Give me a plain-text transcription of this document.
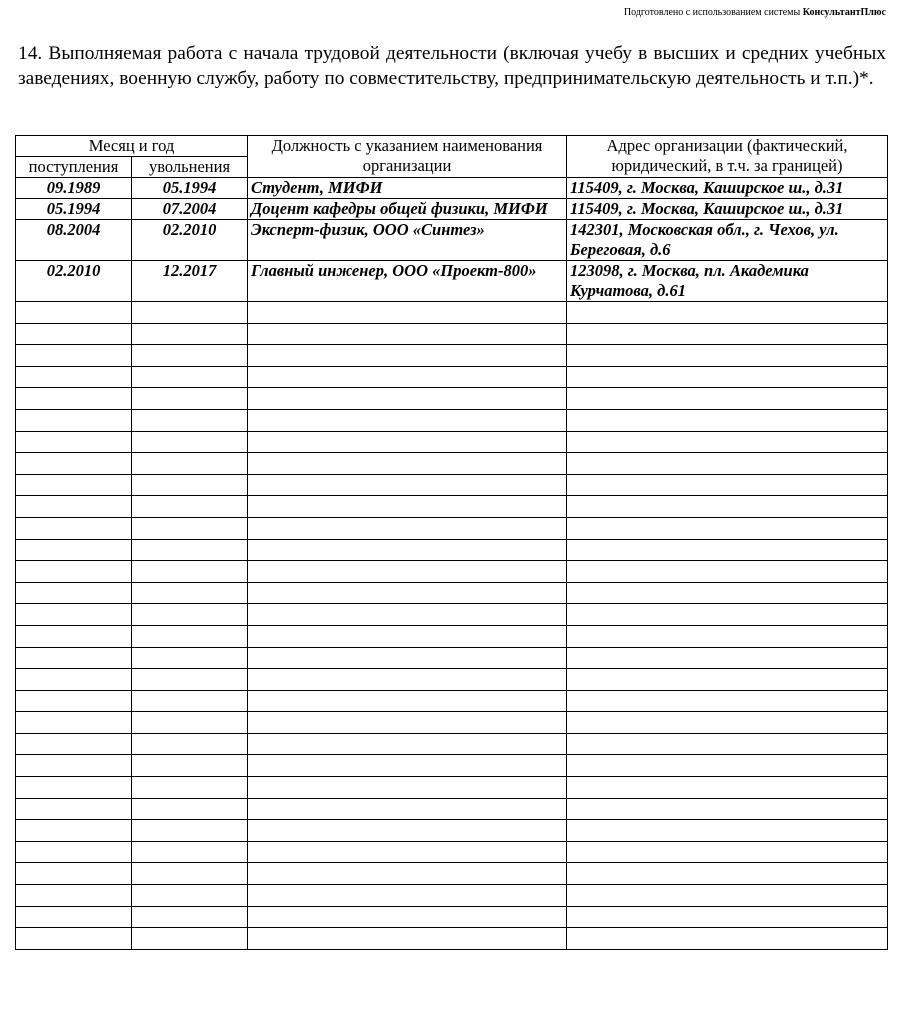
Подготовлено с использованием системы КонсультантПлюс
14. Выполняемая работа с начала трудовой деятельности (включая учебу в высших и средних учебных заведениях, военную службу, работу по совместительству, предпринимательскую деятельность и т.п.)*.
Месяц и год		Должность с указанием наименования организации	Адрес организации (фактический, юридический, в т.ч. за границей)
поступления	увольнения		
09.1989	05.1994	Студент, МИФИ	115409, г. Москва, Каширское ш., д.31
05.1994	07.2004	Доцент кафедры общей физики, МИФИ	115409, г. Москва, Каширское ш., д.31
08.2004	02.2010	Эксперт-физик, ООО «Синтез»	142301, Московская обл., г. Чехов, ул. Береговая, д.6
02.2010	12.2017	Главный инженер, ООО «Проект-800»	123098, г. Москва, пл. Академика Курчатова, д.61
